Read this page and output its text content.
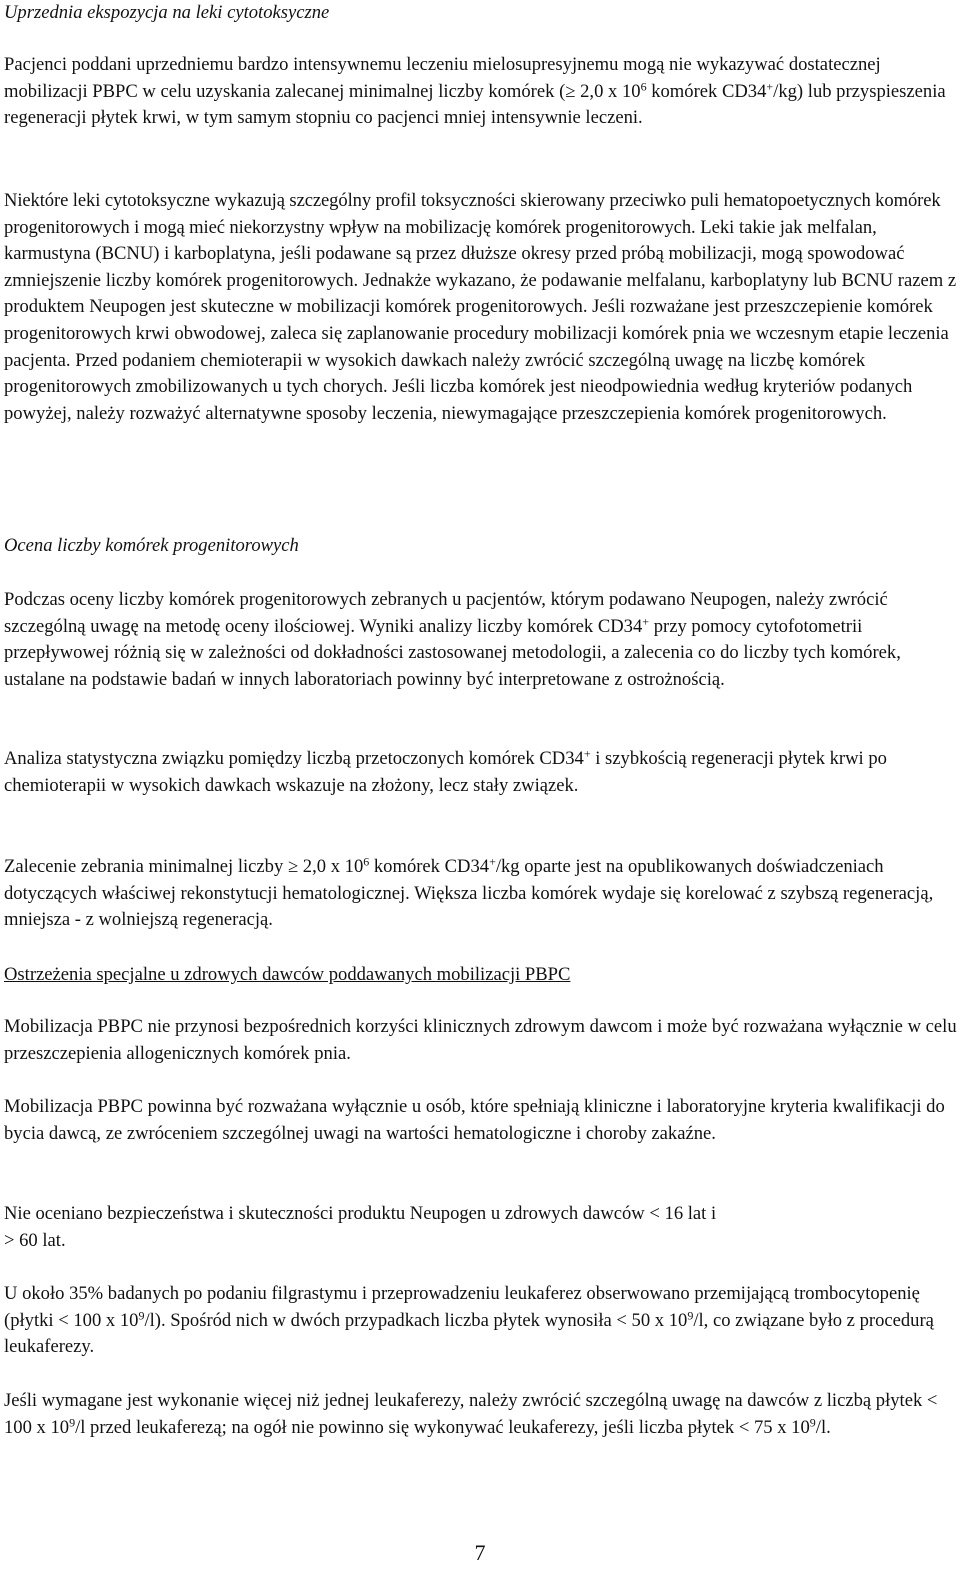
Uprzednia ekspozycja na leki cytotoksyczne

Pacjenci poddani uprzedniemu bardzo intensywnemu leczeniu mielosupresyjnemu mogą nie wykazywać dostatecznej mobilizacji PBPC w celu uzyskania zalecanej minimalnej liczby komórek (≥ 2,0 x $10^6$ komórek CD34+/kg) lub przyspieszenia regeneracji płytek krwi, w tym samym stopniu co pacjenci mniej intensywnie leczeni.

Niektóre leki cytotoksyczne wykazują szczególny profil toksyczności skierowany przeciwko puli hematopoetycznych komórek progenitorowych i mogą mieć niekorzystny wpływ na mobilizację komórek progenitorowych. Leki takie jak melfalan, karmustyna (BCNU) i karboplatyna, jeśli podawane są przez dłuższe okresy przed próbą mobilizacji, mogą spowodować zmniejszenie liczby komórek progenitorowych. Jednakże wykazano, że podawanie melfalanu, karboplatyny lub BCNU razem z produktem Neupogen jest skuteczne w mobilizacji komórek progenitorowych. Jeśli rozważane jest przeszczepienie komórek progenitorowych krwi obwodowej, zaleca się zaplanowanie procedury mobilizacji komórek pnia we wczesnym etapie leczenia pacjenta. Przed podaniem chemioterapii w wysokich dawkach należy zwrócić szczególną uwagę na liczbę komórek progenitorowych zmobilizowanych u tych chorych. Jeśli liczba komórek jest nieodpowiednia według kryteriów podanych powyżej, należy rozważyć alternatywne sposoby leczenia, niewymagające przeszczepienia komórek progenitorowych.

Ocena liczby komórek progenitorowych

Podczas oceny liczby komórek progenitorowych zebranych u pacjentów, którym podawano Neupogen, należy zwrócić szczególną uwagę na metodę oceny ilościowej. Wyniki analizy liczby komórek CD34+ przy pomocy cytofotometrii przepływowej różnią się w zależności od dokładności zastosowanej metodologii, a zalecenia co do liczby tych komórek, ustalane na podstawie badań w innych laboratoriach powinny być interpretowane z ostrożnością.

Analiza statystyczna związku pomiędzy liczbą przetoczonych komórek CD34+ i szybkością regeneracji płytek krwi po chemioterapii w wysokich dawkach wskazuje na złożony, lecz stały związek.

Zalecenie zebrania minimalnej liczby ≥ 2,0 x $10^6$ komórek CD34+/kg oparte jest na opublikowanych doświadczeniach dotyczących właściwej rekonstytucji hematologicznej. Większa liczba komórek wydaje się korelować z szybszą regeneracją, mniejsza - z wolniejszą regeneracją.

Ostrzeżenia specjalne u zdrowych dawców poddawanych mobilizacji PBPC

Mobilizacja PBPC nie przynosi bezpośrednich korzyści klinicznych zdrowym dawcom i może być rozważana wyłącznie w celu przeszczepienia allogenicznych komórek pnia.

Mobilizacja PBPC powinna być rozważana wyłącznie u osób, które spełniają kliniczne i laboratoryjne kryteria kwalifikacji do bycia dawcą, ze zwróceniem szczególnej uwagi na wartości hematologiczne i choroby zakaźne.

Nie oceniano bezpieczeństwa i skuteczności produktu Neupogen u zdrowych dawców < 16 lat i
> 60 lat.

U około 35% badanych po podaniu filgrastymu i przeprowadzeniu leukaferez obserwowano przemijającą trombocytopenię (płytki < 100 x $10^9/l$). Spośród nich w dwóch przypadkach liczba płytek wynosiła < 50 x $10^9/l$, co związane było z procedurą leukaferezy.

Jeśli wymagane jest wykonanie więcej niż jednej leukaferezy, należy zwrócić szczególną uwagę na dawców z liczbą płytek < 100 x $10^9/l$ przed leukaferezą; na ogół nie powinno się wykonywać leukaferezy, jeśli liczba płytek < 75 x $10^9/l$.

7
